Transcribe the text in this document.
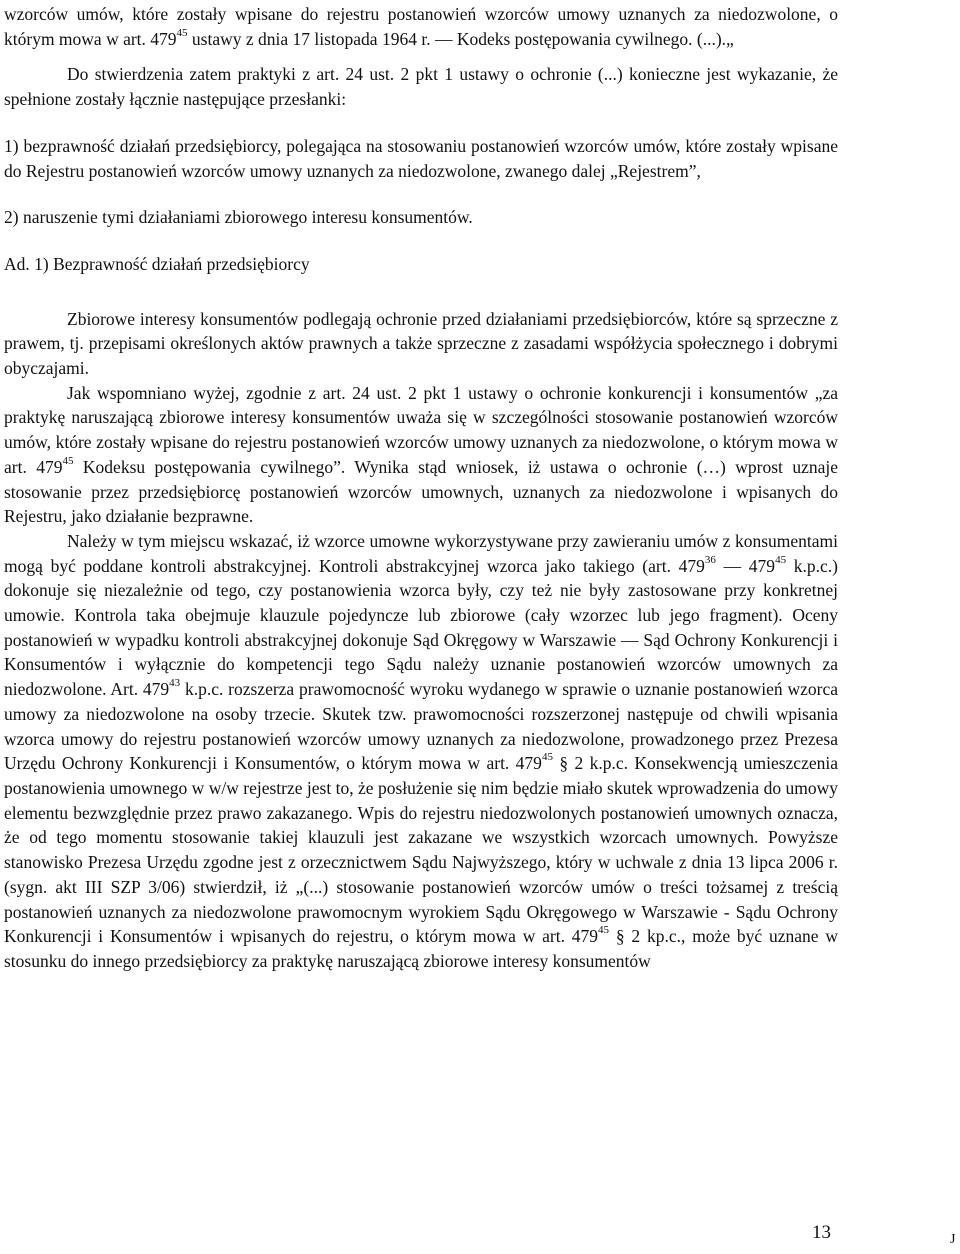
wzorców umów, które zostały wpisane do rejestru postanowień wzorców umowy uznanych za niedozwolone, o którym mowa w art. $479^{45}$ ustawy z dnia 17 listopada 1964 r. — Kodeks postępowania cywilnego. (...).„

Do stwierdzenia zatem praktyki z art. 24 ust. 2 pkt 1 ustawy o ochronie (...) konieczne jest wykazanie, że spełnione zostały łącznie następujące przesłanki:

1) bezprawność działań przedsiębiorcy, polegająca na stosowaniu postanowień wzorców umów, które zostały wpisane do Rejestru postanowień wzorców umowy uznanych za niedozwolone, zwanego dalej „Rejestrem”,

2) naruszenie tymi działaniami zbiorowego interesu konsumentów.

Ad. 1) Bezprawność działań przedsiębiorcy

Zbiorowe interesy konsumentów podlegają ochronie przed działaniami przedsiębiorców, które są sprzeczne z prawem, tj. przepisami określonych aktów prawnych a także sprzeczne z zasadami współżycia społecznego i dobrymi obyczajami.

Jak wspomniano wyżej, zgodnie z art. 24 ust. 2 pkt 1 ustawy o ochronie konkurencji i konsumentów „za praktykę naruszającą zbiorowe interesy konsumentów uważa się w szczególności stosowanie postanowień wzorców umów, które zostały wpisane do rejestru postanowień wzorców umowy uznanych za niedozwolone, o którym mowa w art. $479^{45}$ Kodeksu postępowania cywilnego”. Wynika stąd wniosek, iż ustawa o ochronie (…) wprost uznaje stosowanie przez przedsiębiorcę postanowień wzorców umownych, uznanych za niedozwolone i wpisanych do Rejestru, jako działanie bezprawne.

Należy w tym miejscu wskazać, iż wzorce umowne wykorzystywane przy zawieraniu umów z konsumentami mogą być poddane kontroli abstrakcyjnej. Kontroli abstrakcyjnej wzorca jako takiego (art. $479^{36}$ — $479^{45}$ k.p.c.) dokonuje się niezależnie od tego, czy postanowienia wzorca były, czy też nie były zastosowane przy konkretnej umowie. Kontrola taka obejmuje klauzule pojedyncze lub zbiorowe (cały wzorzec lub jego fragment). Oceny postanowień w wypadku kontroli abstrakcyjnej dokonuje Sąd Okręgowy w Warszawie — Sąd Ochrony Konkurencji i Konsumentów i wyłącznie do kompetencji tego Sądu należy uznanie postanowień wzorców umownych za niedozwolone. Art. $479^{43}$ k.p.c. rozszerza prawomocność wyroku wydanego w sprawie o uznanie postanowień wzorca umowy za niedozwolone na osoby trzecie. Skutek tzw. prawomocności rozszerzonej następuje od chwili wpisania wzorca umowy do rejestru postanowień wzorców umowy uznanych za niedozwolone, prowadzonego przez Prezesa Urzędu Ochrony Konkurencji i Konsumentów, o którym mowa w art. $479^{45}$ § 2 k.p.c. Konsekwencją umieszczenia postanowienia umownego w w/w rejestrze jest to, że posłużenie się nim będzie miało skutek wprowadzenia do umowy elementu bezwzględnie przez prawo zakazanego. Wpis do rejestru niedozwolonych postanowień umownych oznacza, że od tego momentu stosowanie takiej klauzuli jest zakazane we wszystkich wzorcach umownych. Powyższe stanowisko Prezesa Urzędu zgodne jest z orzecznictwem Sądu Najwyższego, który w uchwale z dnia 13 lipca 2006 r. (sygn. akt III SZP 3/06) stwierdził, iż „(...) stosowanie postanowień wzorców umów o treści tożsamej z treścią postanowień uznanych za niedozwolone prawomocnym wyrokiem Sądu Okręgowego w Warszawie - Sądu Ochrony Konkurencji i Konsumentów i wpisanych do rejestru, o którym mowa w art. $479^{45}$ § 2 kp.c., może być uznane w stosunku do innego przedsiębiorcy za praktykę naruszającą zbiorowe interesy konsumentów

13	J
